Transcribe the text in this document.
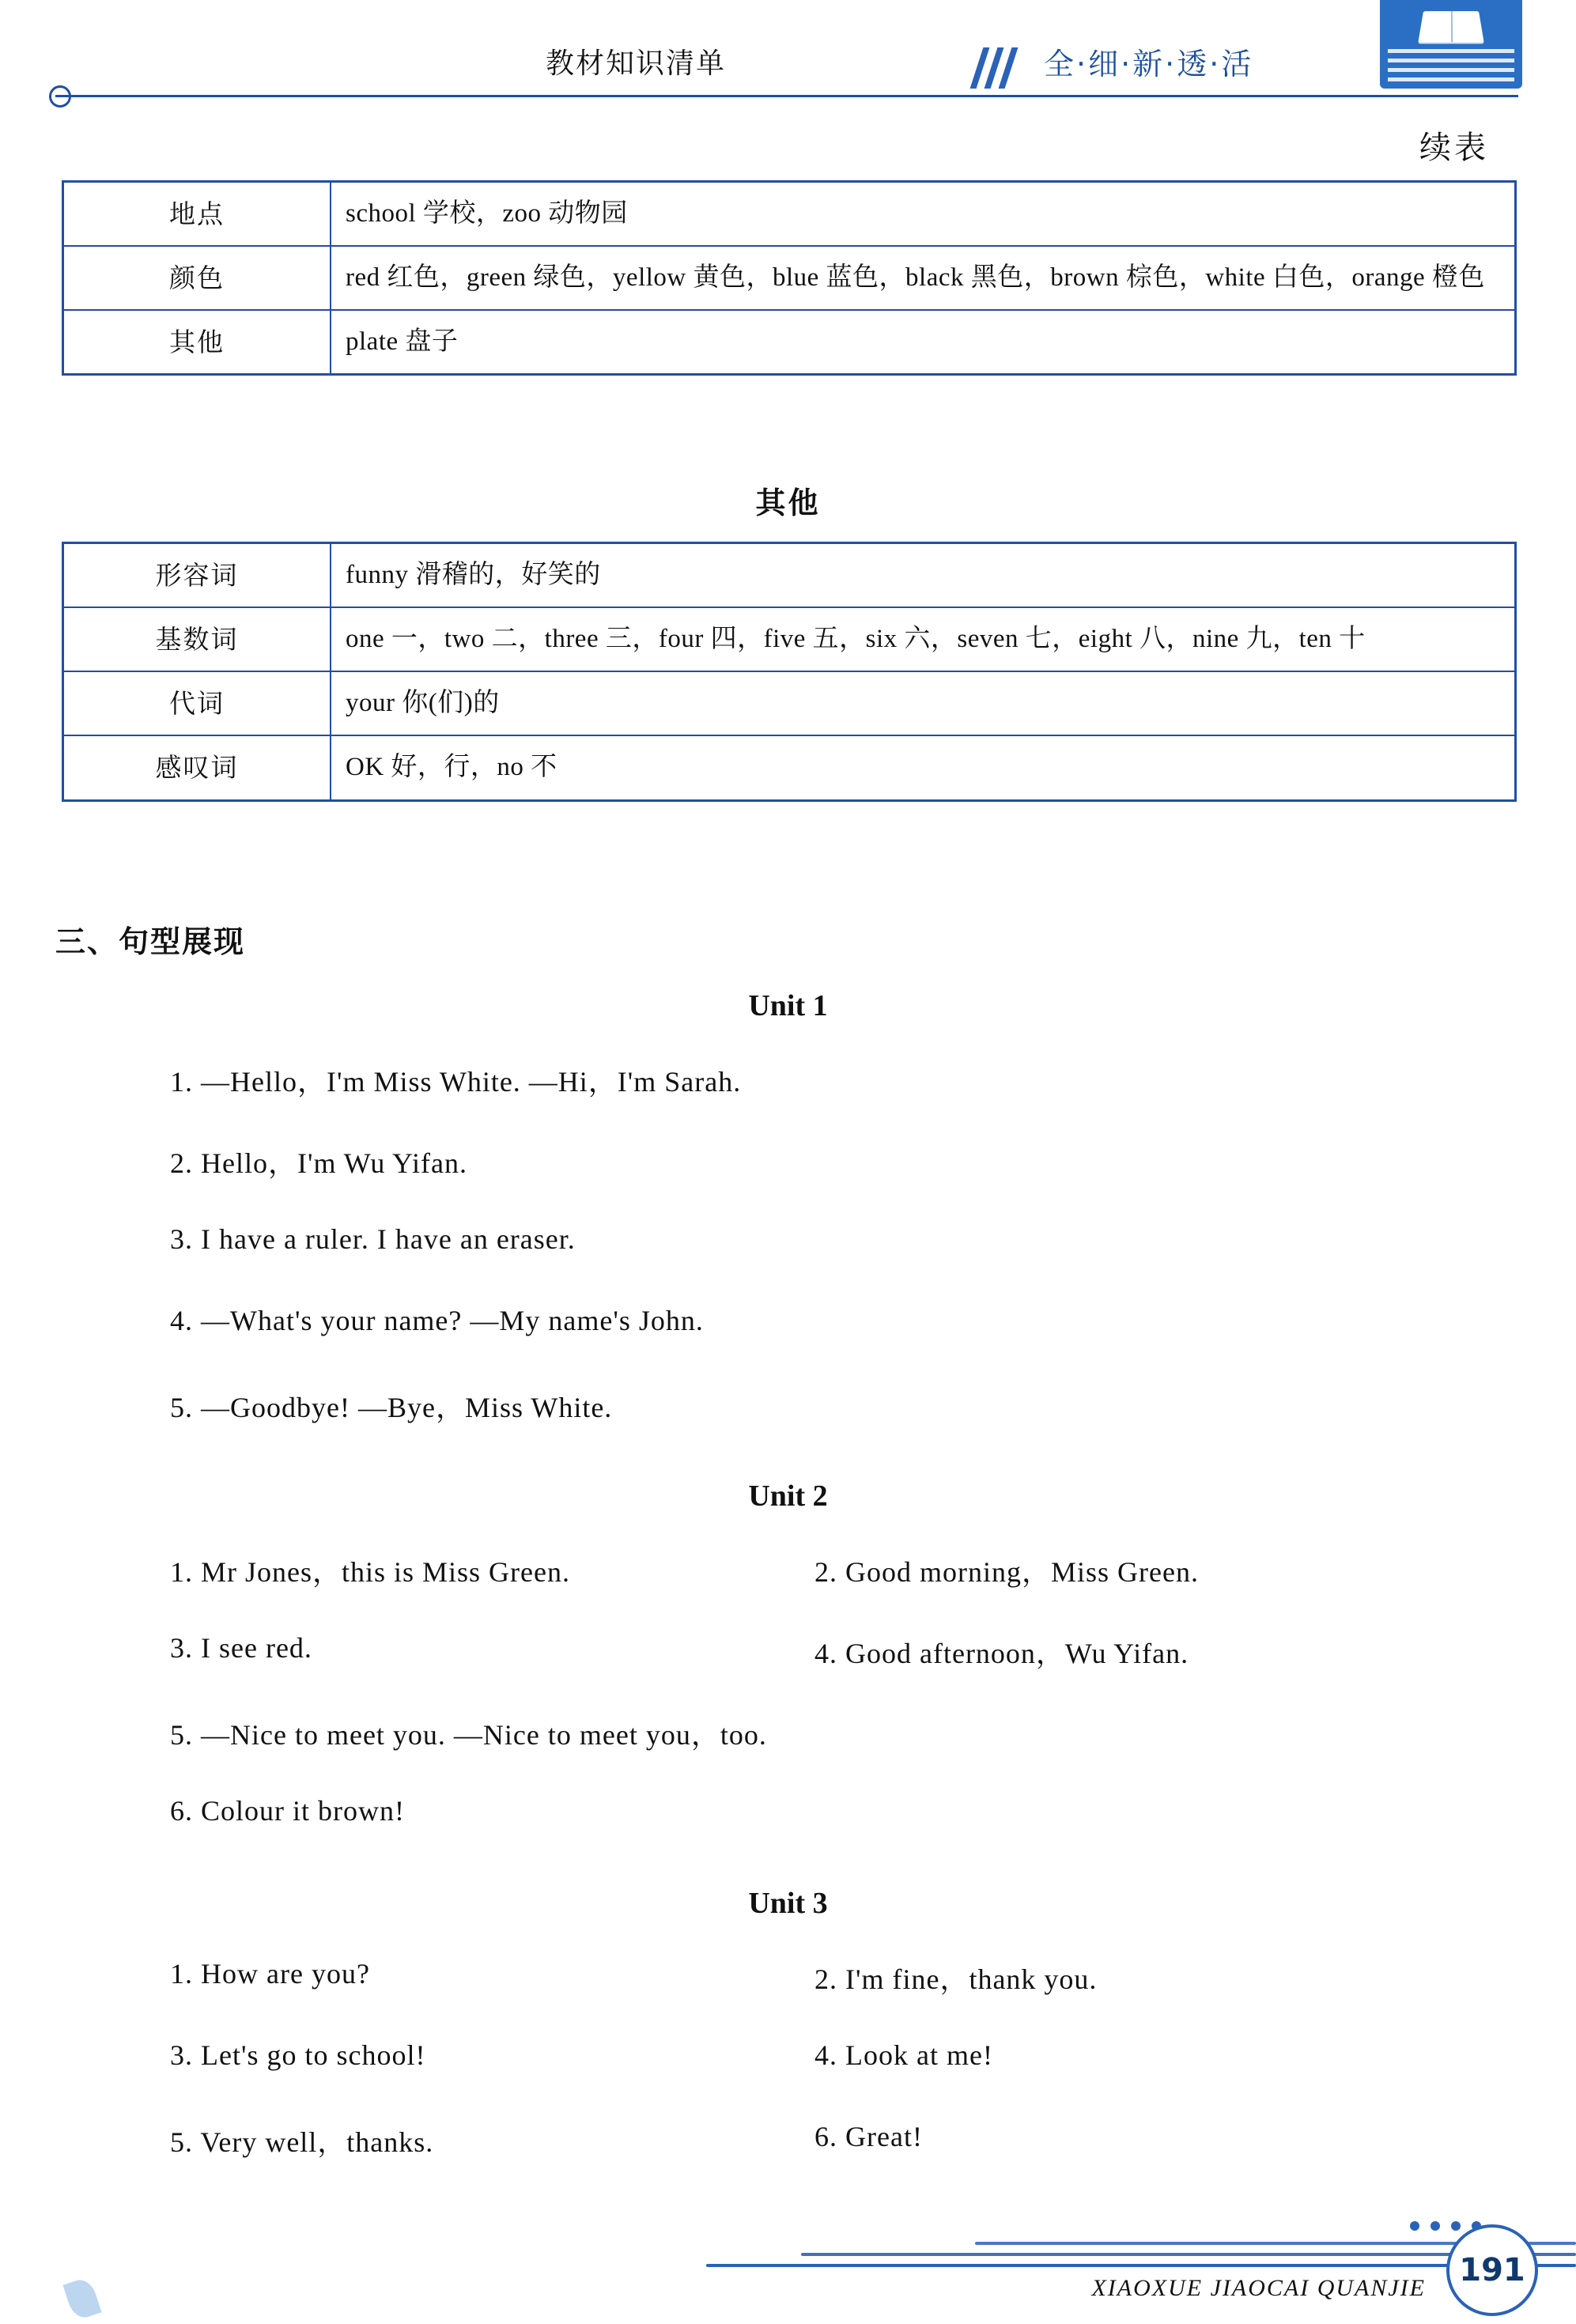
教材知识清单	全·细·新·透·活
续表
地点	school 学校，zoo 动物园
颜色	red 红色，green 绿色，yellow 黄色，blue 蓝色，black 黑色，brown 棕色，white 白色，orange 橙色
其他	plate 盘子
其他
形容词	funny 滑稽的，好笑的
基数词	one 一，two 二，three 三，four 四，five 五，six 六，seven 七，eight 八，nine 九，ten 十
代词	your 你(们)的
感叹词	OK 好，行，no 不
三、句型展现
Unit 1
1. —Hello，I'm Miss White. —Hi，I'm Sarah.
2. Hello，I'm Wu Yifan.
3. I have a ruler. I have an eraser.
4. —What's your name? —My name's John.
5. —Goodbye! —Bye，Miss White.
Unit 2
1. Mr Jones，this is Miss Green.	2. Good morning，Miss Green.
3. I see red.	4. Good afternoon，Wu Yifan.
5. —Nice to meet you. —Nice to meet you，too.
6. Colour it brown!
Unit 3
1. How are you?	2. I'm fine，thank you.
3. Let's go to school!	4. Look at me!
5. Very well，thanks.	6. Great!
XIAOXUE JIAOCAI QUANJIE	191
